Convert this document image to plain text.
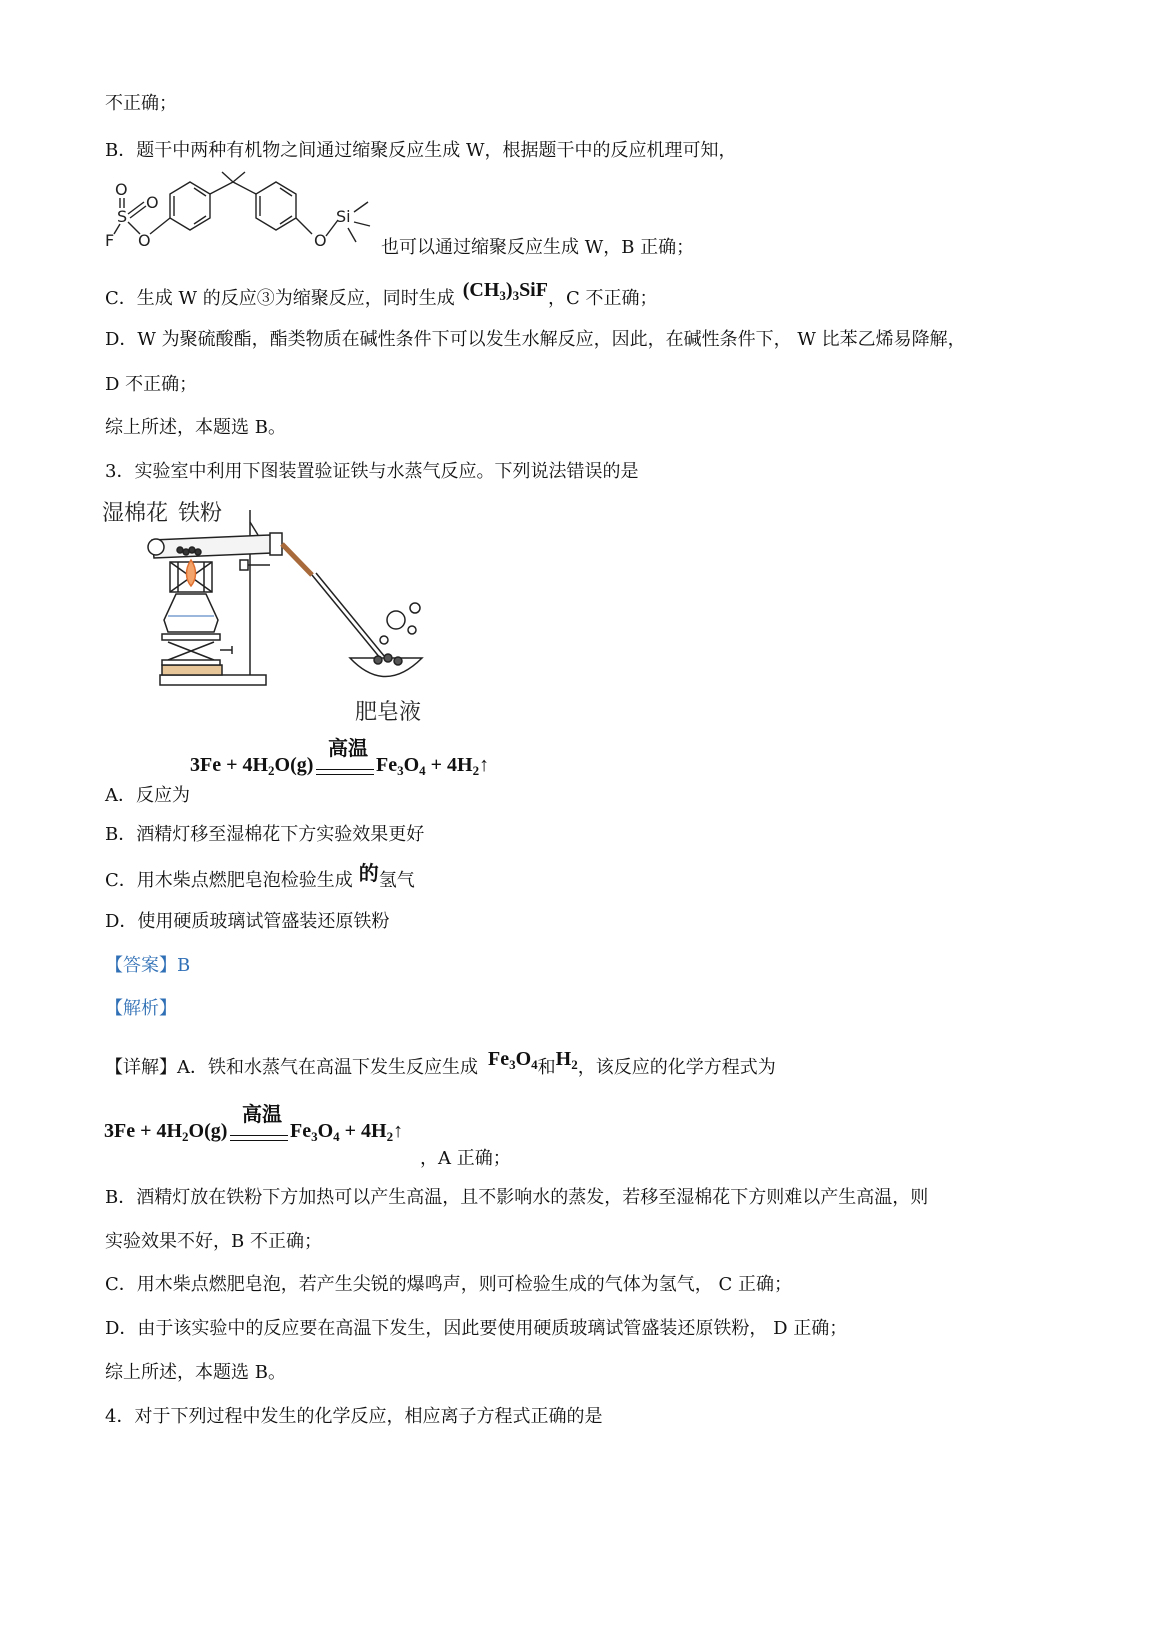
不正确；
B．题干中两种有机物之间通过缩聚反应生成 W，根据题干中的反应机理可知，
O
S
O
F O	O
Si
也可以通过缩聚反应生成 W，B 正确；
C．生成 W 的反应③为缩聚反应，同时生成 $(CH_3)_3SiF$，C 不正确；
D．W 为聚硫酸酯，酯类物质在碱性条件下可以发生水解反应，因此，在碱性条件下， W 比苯乙烯易降解，
D 不正确；
综上所述，本题选 B。
3．实验室中利用下图装置验证铁与水蒸气反应。下列说法错误的是
湿棉花 铁粉
肥皂液
高温
$3Fe + 4H_2O(g)$	$Fe_3O_4$ + $4H_2↑$
A．反应为
B．酒精灯移至湿棉花下方实验效果更好
C．用木柴点燃肥皂泡检验生成 的氢气
D．使用硬质玻璃试管盛装还原铁粉
【答案】B
【解析】
【详解】A．铁和水蒸气在高温下发生反应生成 $Fe_3O_4$和$H_2$，该反应的化学方程式为
高温
$3Fe + 4H_2O(g)$	$Fe_3O_4$ + $4H_2↑$
，A 正确；
B．酒精灯放在铁粉下方加热可以产生高温，且不影响水的蒸发，若移至湿棉花下方则难以产生高温，则
实验效果不好，B 不正确；
C．用木柴点燃肥皂泡，若产生尖锐的爆鸣声，则可检验生成的气体为氢气， C 正确；
D．由于该实验中的反应要在高温下发生，因此要使用硬质玻璃试管盛装还原铁粉， D 正确；
综上所述，本题选 B。
4．对于下列过程中发生的化学反应，相应离子方程式正确的是
